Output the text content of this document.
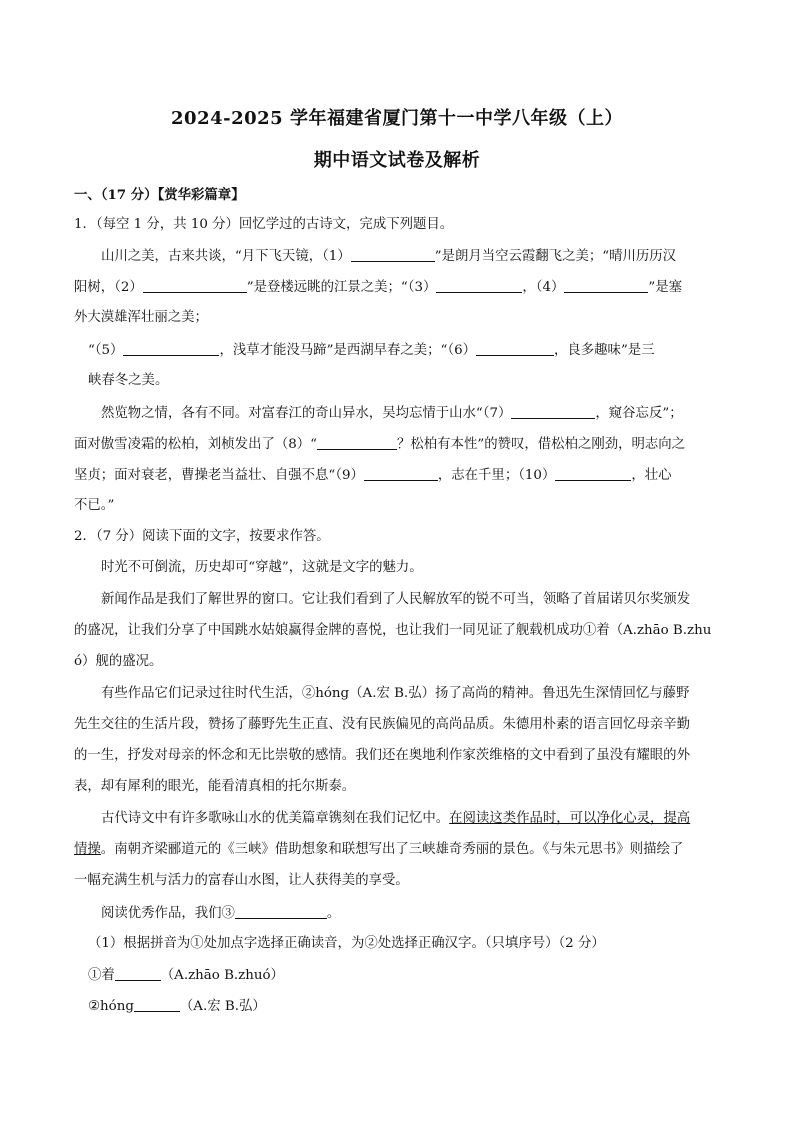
2024-2025 学年福建省厦门第十一中学八年级（上）
期中语文试卷及解析
一、（17 分）【赏华彩篇章】
1．（每空 1 分，共 10 分）回忆学过的古诗文，完成下列题目。
山川之美，古来共谈，“月下飞天镜，（1）	”是朗月当空云霞翻飞之美；“晴川历历汉
阳树，（2）	”是登楼远眺的江景之美；“（3）	，（4）	”是塞
外大漠雄浑壮丽之美；
“（5）	，浅草才能没马蹄”是西湖早春之美；“（6）	，良多趣味”是三
峡春冬之美。
然览物之情，各有不同。对富春江的奇山异水，吴均忘情于山水“（7）	，窥谷忘反”；
面对傲雪凌霜的松柏，刘桢发出了（8）“	？松柏有本性”的赞叹，借松柏之刚劲，明志向之
坚贞；面对衰老，曹操老当益壮、自强不息“（9）	，志在千里；（10）	，壮心
不已。”
2．（7 分）阅读下面的文字，按要求作答。
时光不可倒流，历史却可“穿越”，这就是文字的魅力。
新闻作品是我们了解世界的窗口。它让我们看到了人民解放军的锐不可当，领略了首届诺贝尔奖颁发
的盛况，让我们分享了中国跳水姑娘赢得金牌的喜悦，也让我们一同见证了舰载机成功①着（A.zhāo B.zhu
ó）舰的盛况。
有些作品它们记录过往时代生活，②hóng（A.宏 B.弘）扬了高尚的精神。鲁迅先生深情回忆与藤野
先生交往的生活片段，赞扬了藤野先生正直、没有民族偏见的高尚品质。朱德用朴素的语言回忆母亲辛勤
的一生，抒发对母亲的怀念和无比崇敬的感情。我们还在奥地利作家茨维格的文中看到了虽没有耀眼的外
表，却有犀利的眼光，能看清真相的托尔斯泰。
古代诗文中有许多歌咏山水的优美篇章镌刻在我们记忆中。在阅读这类作品时，可以净化心灵，提高
情操。南朝齐梁郦道元的《三峡》借助想象和联想写出了三峡雄奇秀丽的景色。《与朱元思书》则描绘了
一幅充满生机与活力的富春山水图，让人获得美的享受。
阅读优秀作品，我们③	。
（1）根据拼音为①处加点字选择正确读音，为②处选择正确汉字。（只填序号）（2 分）
①着	（A.zhāo B.zhuó）
②hóng	（A.宏 B.弘）
